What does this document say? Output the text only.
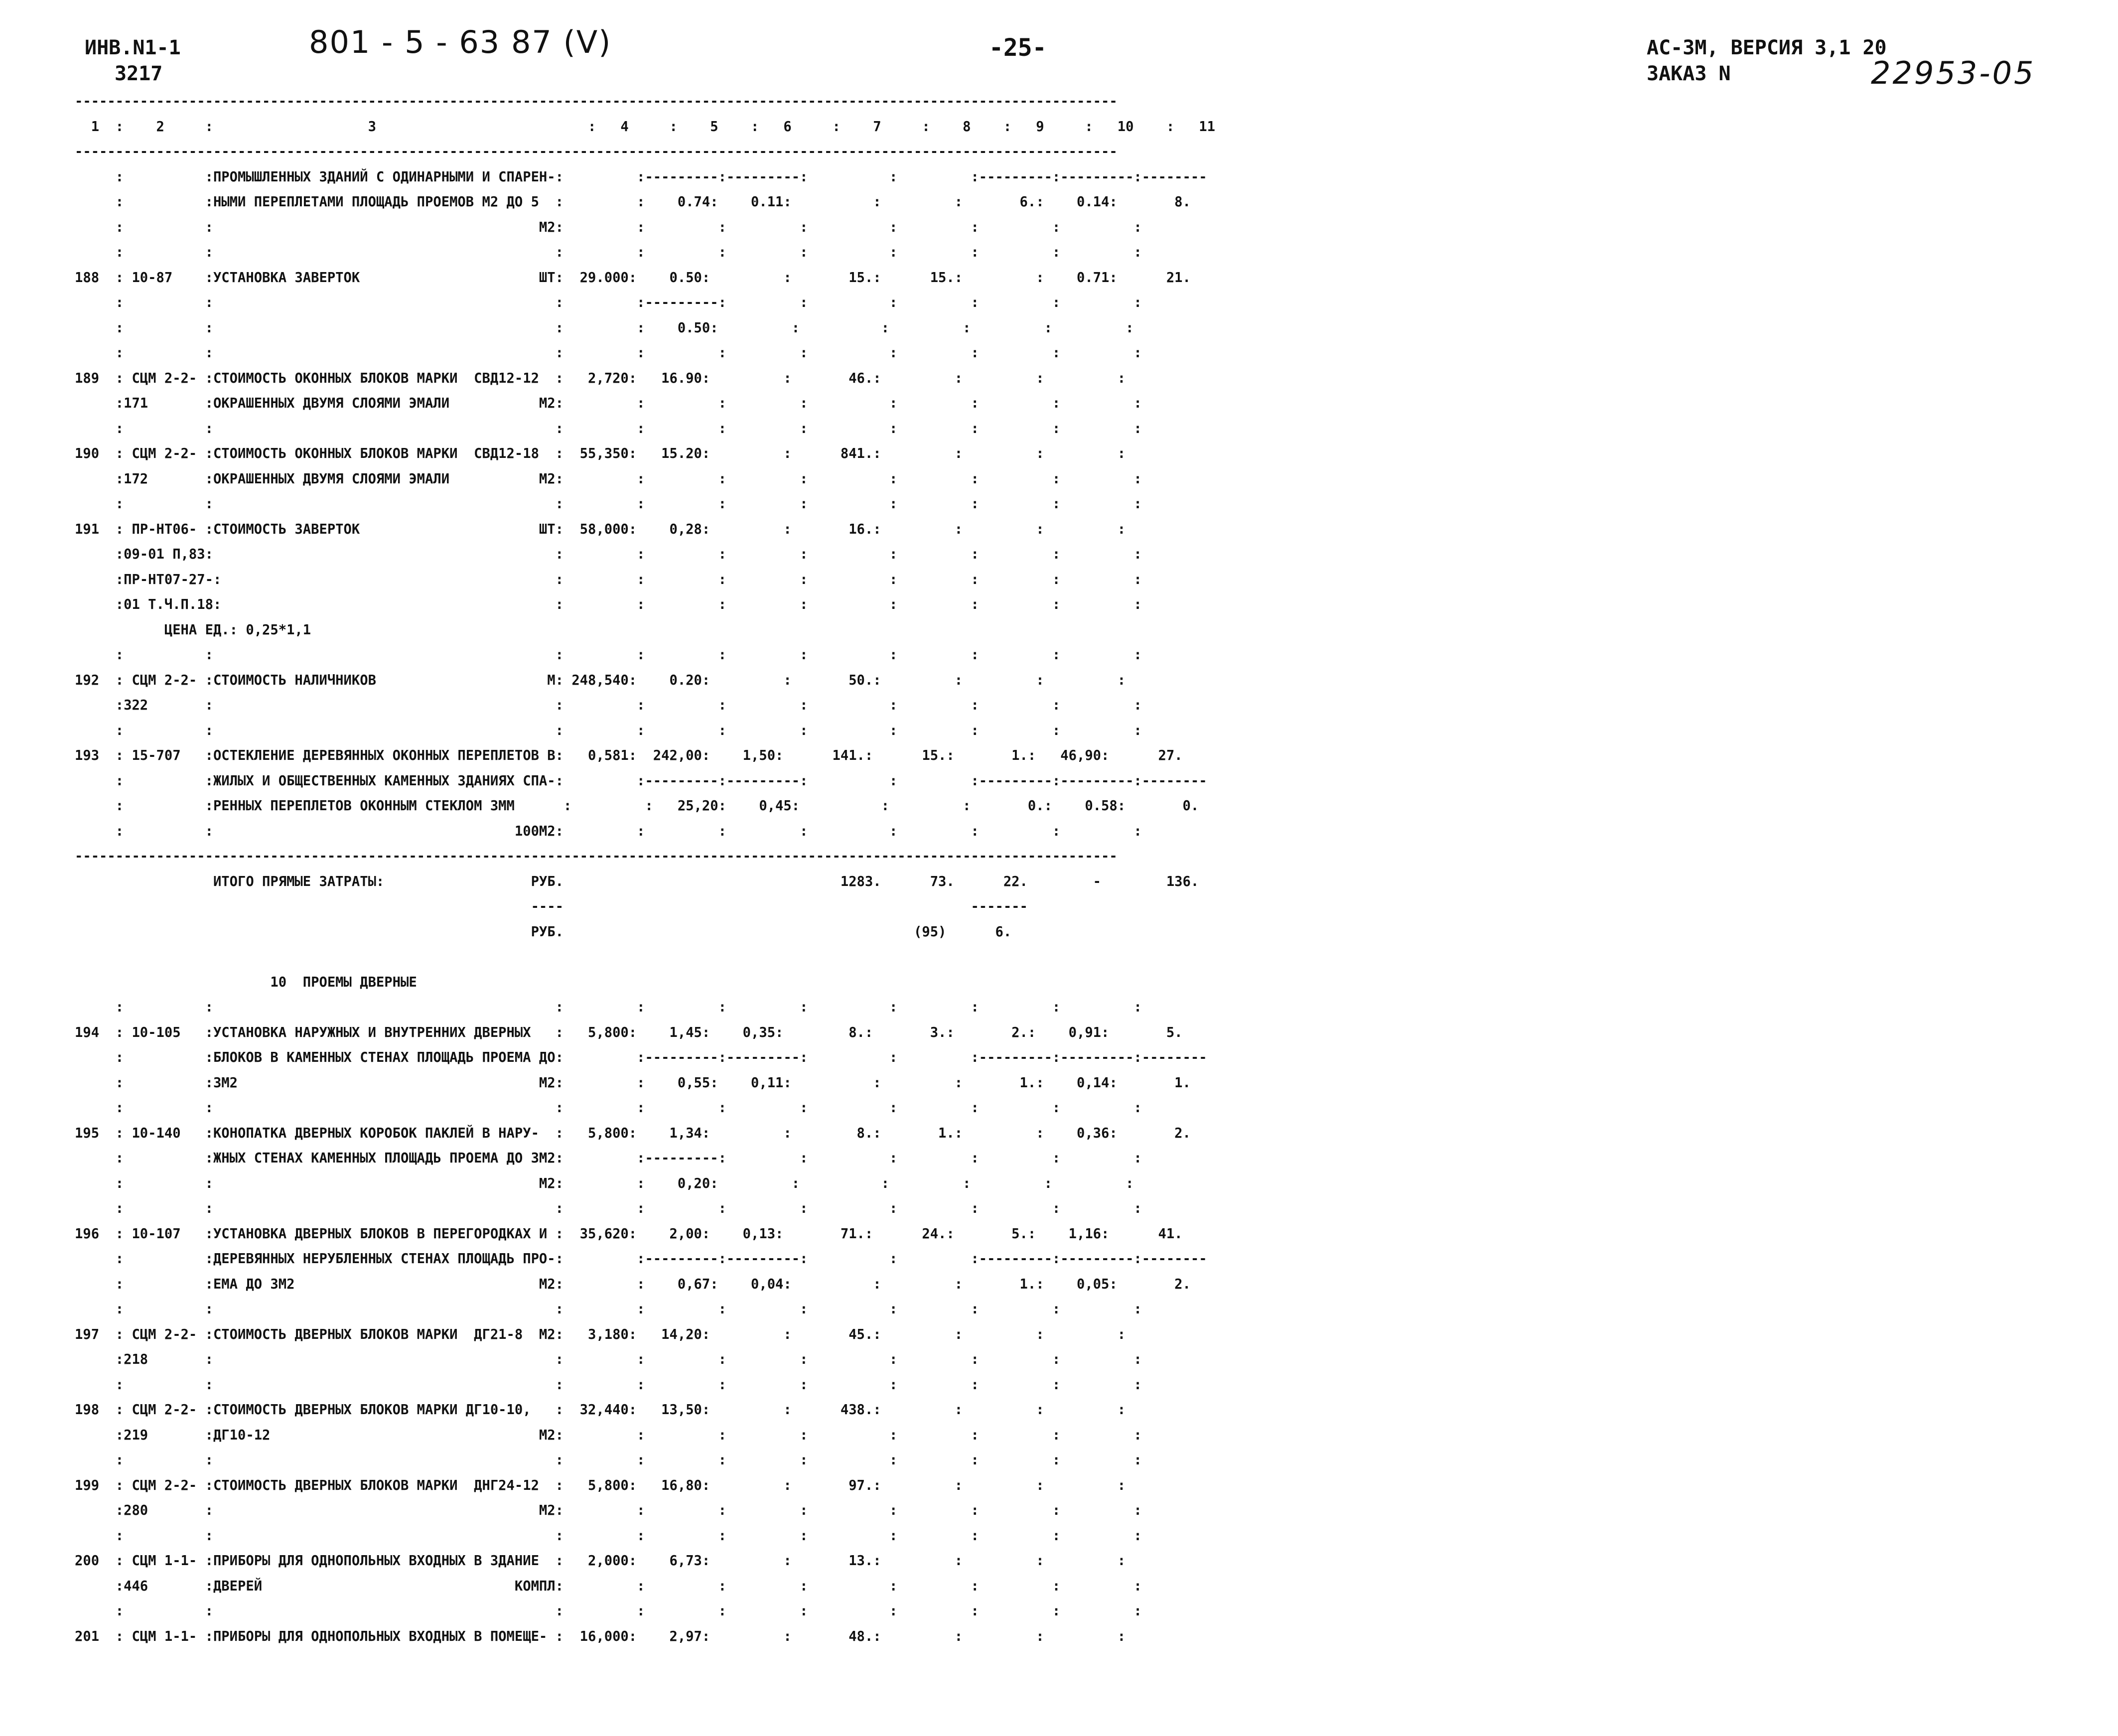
ИНВ.N1-1
3217
801 - 5 - 63 87 (V)	-25-	АС-3М, ВЕРСИЯ 3,1 20
ЗАКАЗ N	22953-05
--------------------------------------------------------------------------------------------------------------------------------
1  :    2     :                   3                          :   4     :    5    :   6     :    7     :    8    :   9     :   10    :   11
--------------------------------------------------------------------------------------------------------------------------------
:          :ПРОМЫШЛЕННЫХ ЗДАНИЙ С ОДИНАРНЫМИ И СПАРЕН-:         :---------:---------:          :         :---------:---------:--------
:          :НЫМИ ПЕРЕПЛЕТАМИ ПЛОЩАДЬ ПРОЕМОВ М2 ДО 5  :         :    0.74:    0.11:          :         :       6.:    0.14:       8.
:          :                                        М2:         :         :         :          :         :         :         :
:          :                                          :         :         :         :          :         :         :         :
188  : 10-87    :УСТАНОВКА ЗАВЕРТОК                      ШТ:  29.000:    0.50:         :       15.:      15.:         :    0.71:      21.
:          :                                          :         :---------:         :          :         :         :         :
:          :                                          :         :    0.50:         :          :         :         :         :
:          :                                          :         :         :         :          :         :         :         :
189  : СЦМ 2-2- :СТОИМОСТЬ ОКОННЫХ БЛОКОВ МАРКИ  СВД12-12  :   2,720:   16.90:         :       46.:         :         :         :
:171       :ОКРАШЕННЫХ ДВУМЯ СЛОЯМИ ЭМАЛИ           М2:         :         :         :          :         :         :         :
:          :                                          :         :         :         :          :         :         :         :
190  : СЦМ 2-2- :СТОИМОСТЬ ОКОННЫХ БЛОКОВ МАРКИ  СВД12-18  :  55,350:   15.20:         :      841.:         :         :         :
:172       :ОКРАШЕННЫХ ДВУМЯ СЛОЯМИ ЭМАЛИ           М2:         :         :         :          :         :         :         :
:          :                                          :         :         :         :          :         :         :         :
191  : ПР-НТ06- :СТОИМОСТЬ ЗАВЕРТОК                      ШТ:  58,000:    0,28:         :       16.:         :         :         :
:09-01 П,83:                                          :         :         :         :          :         :         :         :
:ПР-НТ07-27-:                                         :         :         :         :          :         :         :         :
:01 Т.Ч.П.18:                                         :         :         :         :          :         :         :         :
ЦЕНА ЕД.: 0,25*1,1
:          :                                          :         :         :         :          :         :         :         :
192  : СЦМ 2-2- :СТОИМОСТЬ НАЛИЧНИКОВ                     М: 248,540:    0.20:         :       50.:         :         :         :
:322       :                                          :         :         :         :          :         :         :         :
:          :                                          :         :         :         :          :         :         :         :
193  : 15-707   :ОСТЕКЛЕНИЕ ДЕРЕВЯННЫХ ОКОННЫХ ПЕРЕПЛЕТОВ В:   0,581:  242,00:    1,50:      141.:      15.:       1.:   46,90:      27.
:          :ЖИЛЫХ И ОБЩЕСТВЕННЫХ КАМЕННЫХ ЗДАНИЯХ СПА-:         :---------:---------:          :         :---------:---------:--------
:          :РЕННЫХ ПЕРЕПЛЕТОВ ОКОННЫМ СТЕКЛОМ 3ММ      :         :   25,20:    0,45:          :         :       0.:    0.58:       0.
:          :                                     100М2:         :         :         :          :         :         :         :
--------------------------------------------------------------------------------------------------------------------------------
ИТОГО ПРЯМЫЕ ЗАТРАТЫ:                  РУБ.                                  1283.      73.      22.        -        136.
----                                                  -------
РУБ.                                           (95)      6.
10  ПРОЕМЫ ДВЕРНЫЕ
:          :                                          :         :         :         :          :         :         :         :
194  : 10-105   :УСТАНОВКА НАРУЖНЫХ И ВНУТРЕННИХ ДВЕРНЫХ   :   5,800:    1,45:    0,35:        8.:       3.:       2.:    0,91:       5.
:          :БЛОКОВ В КАМЕННЫХ СТЕНАХ ПЛОЩАДЬ ПРОЕМА ДО:         :---------:---------:          :         :---------:---------:--------
:          :3М2                                     М2:         :    0,55:    0,11:          :         :       1.:    0,14:       1.
:          :                                          :         :         :         :          :         :         :         :
195  : 10-140   :КОНОПАТКА ДВЕРНЫХ КОРОБОК ПАКЛЕЙ В НАРУ-  :   5,800:    1,34:         :        8.:       1.:         :    0,36:       2.
:          :ЖНЫХ СТЕНАХ КАМЕННЫХ ПЛОЩАДЬ ПРОЕМА ДО 3М2:         :---------:         :          :         :         :         :
:          :                                        М2:         :    0,20:         :          :         :         :         :
:          :                                          :         :         :         :          :         :         :         :
196  : 10-107   :УСТАНОВКА ДВЕРНЫХ БЛОКОВ В ПЕРЕГОРОДКАХ И :  35,620:    2,00:    0,13:       71.:      24.:       5.:    1,16:      41.
:          :ДЕРЕВЯННЫХ НЕРУБЛЕННЫХ СТЕНАХ ПЛОЩАДЬ ПРО-:         :---------:---------:          :         :---------:---------:--------
:          :ЕМА ДО 3М2                              М2:         :    0,67:    0,04:          :         :       1.:    0,05:       2.
:          :                                          :         :         :         :          :         :         :         :
197  : СЦМ 2-2- :СТОИМОСТЬ ДВЕРНЫХ БЛОКОВ МАРКИ  ДГ21-8  М2:   3,180:   14,20:         :       45.:         :         :         :
:218       :                                          :         :         :         :          :         :         :         :
:          :                                          :         :         :         :          :         :         :         :
198  : СЦМ 2-2- :СТОИМОСТЬ ДВЕРНЫХ БЛОКОВ МАРКИ ДГ10-10,   :  32,440:   13,50:         :      438.:         :         :         :
:219       :ДГ10-12                                 М2:         :         :         :          :         :         :         :
:          :                                          :         :         :         :          :         :         :         :
199  : СЦМ 2-2- :СТОИМОСТЬ ДВЕРНЫХ БЛОКОВ МАРКИ  ДНГ24-12  :   5,800:   16,80:         :       97.:         :         :         :
:280       :                                        М2:         :         :         :          :         :         :         :
:          :                                          :         :         :         :          :         :         :         :
200  : СЦМ 1-1- :ПРИБОРЫ ДЛЯ ОДНОПОЛЬНЫХ ВХОДНЫХ В ЗДАНИЕ  :   2,000:    6,73:         :       13.:         :         :         :
:446       :ДВЕРЕЙ                               КОМПЛ:         :         :         :          :         :         :         :
:          :                                          :         :         :         :          :         :         :         :
201  : СЦМ 1-1- :ПРИБОРЫ ДЛЯ ОДНОПОЛЬНЫХ ВХОДНЫХ В ПОМЕЩЕ- :  16,000:    2,97:         :       48.:         :         :         :
